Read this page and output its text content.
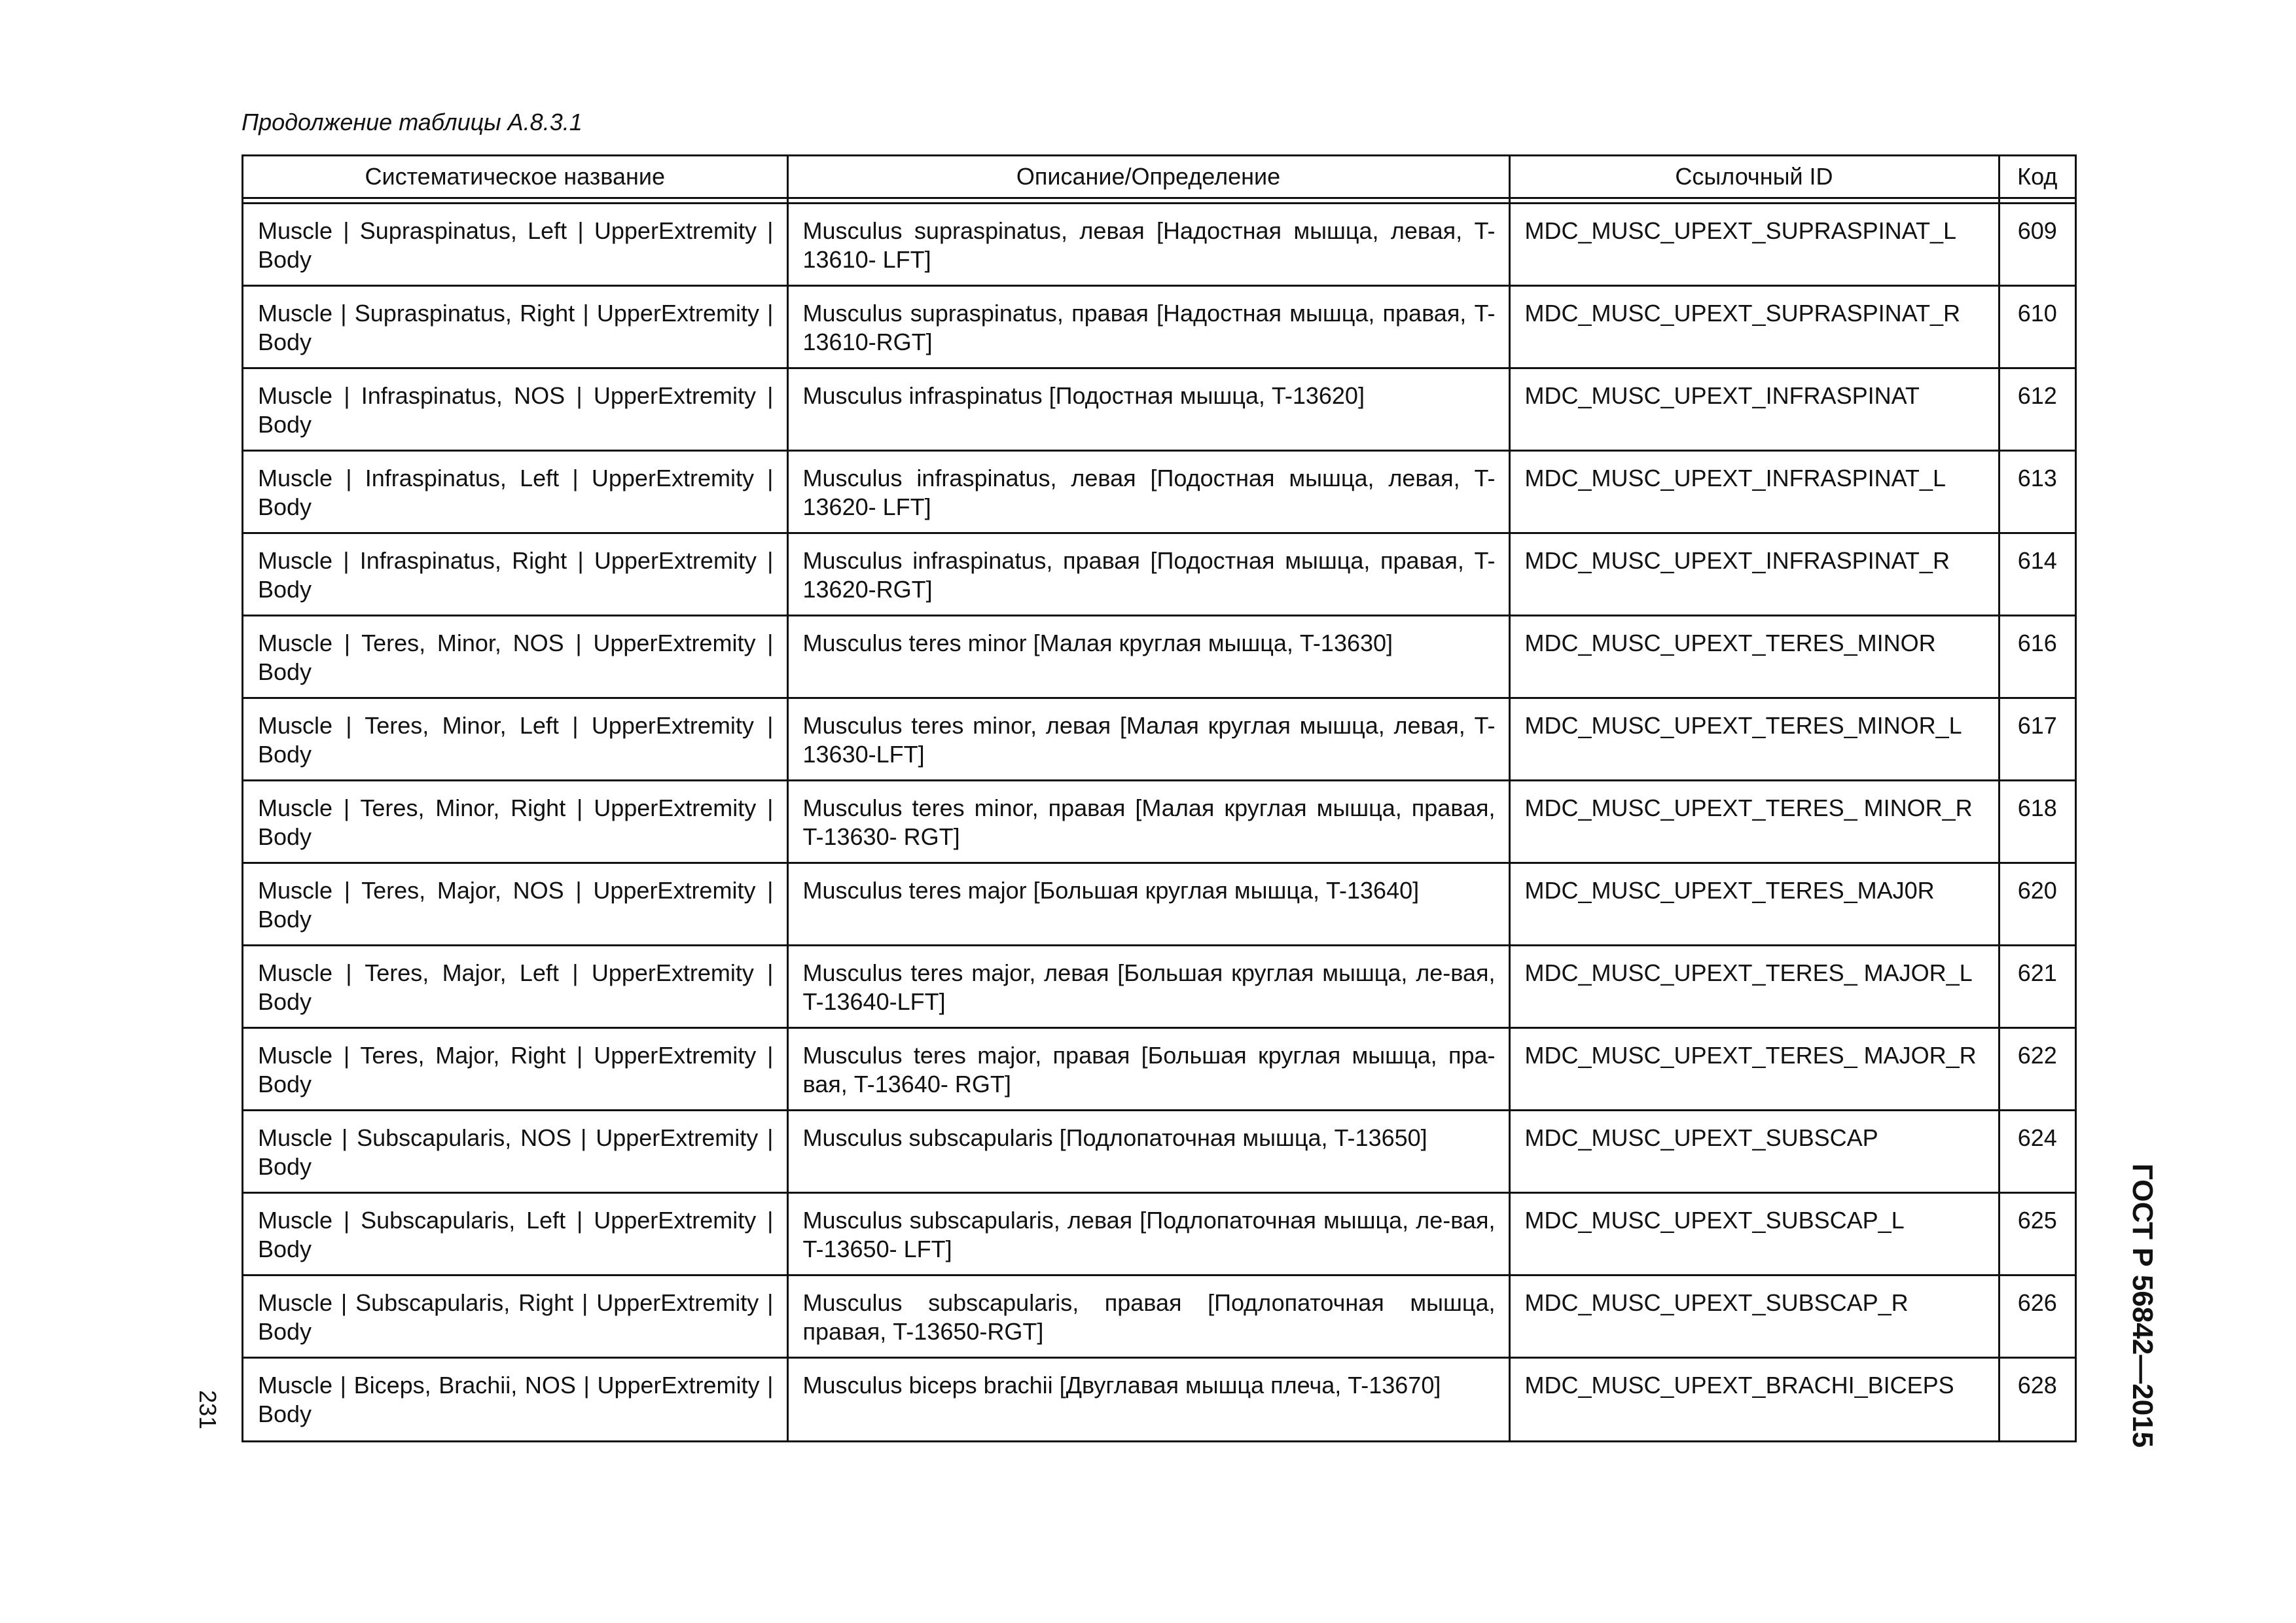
Продолжение таблицы А.8.3.1
Систематическое название	Описание/Определение	Ссылочный ID	Код

Muscle | Supraspinatus, Left | UpperExtremity | Body	Musculus supraspinatus, левая [Надостная мышца, левая, T-13610- LFT]	MDC_MUSC_UPEXT_SUPRASPINAT_L	609
Muscle | Supraspinatus, Right | UpperExtremity | Body	Musculus supraspinatus, правая [Надостная мышца, правая, T-13610-RGT]	MDC_MUSC_UPEXT_SUPRASPINAT_R	610
Muscle | Infraspinatus, NOS | UpperExtremity | Body	Musculus infraspinatus [Подостная мышца, T-13620]	MDC_MUSC_UPEXT_INFRASPINAT	612
Muscle | Infraspinatus, Left | UpperExtremity | Body	Musculus infraspinatus, левая [Подостная мышца, левая, T-13620- LFT]	MDC_MUSC_UPEXT_INFRASPINAT_L	613
Muscle | Infraspinatus, Right | UpperExtremity | Body	Musculus infraspinatus, правая [Подостная мышца, правая, T-13620-RGT]	MDC_MUSC_UPEXT_INFRASPINAT_R	614
Muscle | Teres, Minor, NOS | UpperExtremity | Body	Musculus teres minor [Малая круглая мышца, T-13630]	MDC_MUSC_UPEXT_TERES_MINOR	616
Muscle | Teres, Minor, Left | UpperExtremity | Body	Musculus teres minor, левая [Малая круглая мышца, левая, T-13630-LFT]	MDC_MUSC_UPEXT_TERES_MINOR_L	617
Muscle | Teres, Minor, Right | UpperExtremity | Body	Musculus teres minor, правая [Малая круглая мышца, правая, T-13630- RGT]	MDC_MUSC_UPEXT_TERES_ MINOR_R	618
Muscle | Teres, Major, NOS | UpperExtremity | Body	Musculus teres major [Большая круглая мышца, T-13640]	MDC_MUSC_UPEXT_TERES_MAJ0R	620
Muscle | Teres, Major, Left | UpperExtremity | Body	Musculus teres major, левая [Большая круглая мышца, ле-вая, T-13640-LFT]	MDC_MUSC_UPEXT_TERES_ MAJOR_L	621
Muscle | Teres, Major, Right | UpperExtremity | Body	Musculus teres major, правая [Большая круглая мышца, пра-вая, T-13640- RGT]	MDC_MUSC_UPEXT_TERES_ MAJOR_R	622
Muscle | Subscapularis, NOS | UpperExtremity | Body	Musculus subscapularis [Подлопаточная мышца, T-13650]	MDC_MUSC_UPEXT_SUBSCAP	624
Muscle | Subscapularis, Left | UpperExtremity | Body	Musculus subscapularis, левая [Подлопаточная мышца, ле-вая, T-13650- LFT]	MDC_MUSC_UPEXT_SUBSCAP_L	625
Muscle | Subscapularis, Right | UpperExtremity | Body	Musculus subscapularis, правая [Подлопаточная мышца, правая, T-13650-RGT]	MDC_MUSC_UPEXT_SUBSCAP_R	626
Muscle | Biceps, Brachii, NOS | UpperExtremity | Body	Musculus biceps brachii [Двуглавая мышца плеча, T-13670]	MDC_MUSC_UPEXT_BRACHI_BICEPS	628
231	ГОСТ Р 56842—2015
